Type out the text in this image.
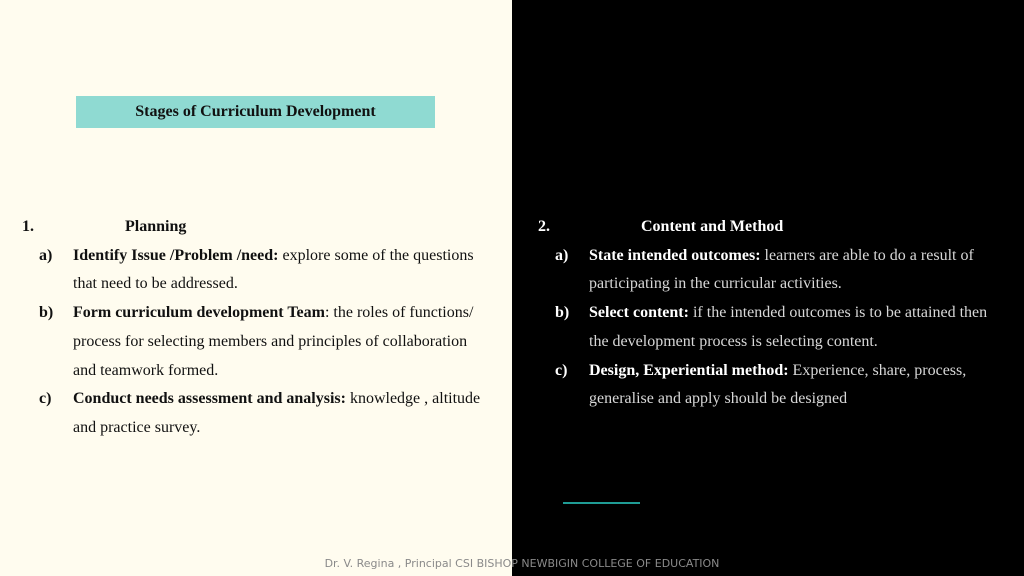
Stages of Curriculum Development
1.	Planning
a) Identify Issue /Problem /need: explore some of the questions that need to be addressed.
b) Form curriculum development Team: the roles of functions/ process for selecting members and principles of collaboration and teamwork formed.
c) Conduct needs assessment and analysis: knowledge , altitude and practice survey.
2.	Content and Method
a) State intended outcomes: learners are able to do a result of participating in the curricular activities.
b) Select content: if the intended outcomes is to be attained then the development process is selecting content.
c) Design, Experiential method: Experience, share, process, generalise and apply should be designed
Dr. V. Regina , Principal CSI BISHOP NEWBIGIN COLLEGE OF EDUCATION
